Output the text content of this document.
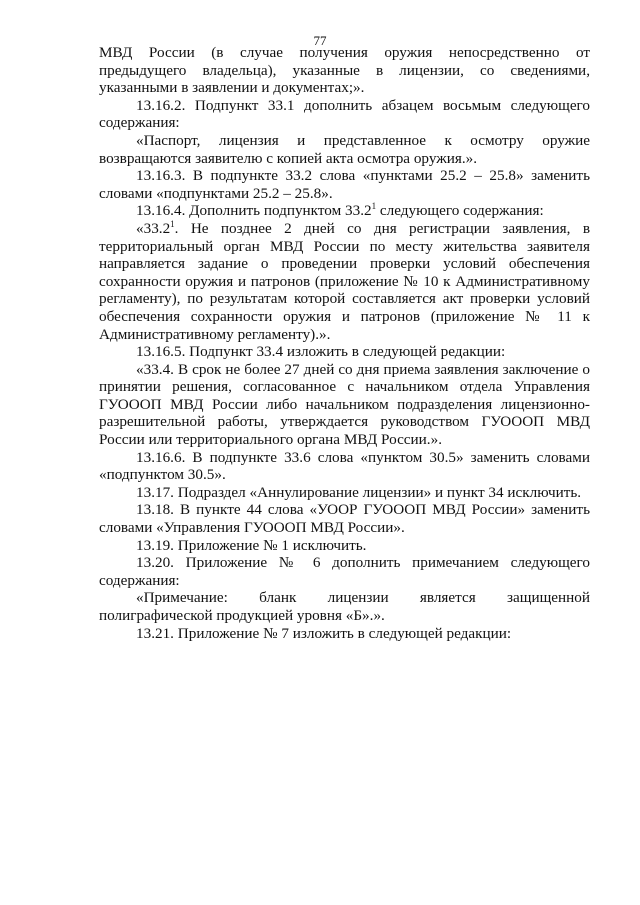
77

МВД России (в случае получения оружия непосредственно от предыдущего владельца), указанные в лицензии, со сведениями, указанными в заявлении и документах;».

13.16.2. Подпункт 33.1 дополнить абзацем восьмым следующего содержания:

«Паспорт, лицензия и представленное к осмотру оружие возвращаются заявителю с копией акта осмотра оружия.».

13.16.3. В подпункте 33.2 слова «пунктами 25.2 – 25.8» заменить словами «подпунктами 25.2 – 25.8».

13.16.4. Дополнить подпунктом 33.2$^1$ следующего содержания:

«33.2$^1$. Не позднее 2 дней со дня регистрации заявления, в территориальный орган МВД России по месту жительства заявителя направляется задание о проведении проверки условий обеспечения сохранности оружия и патронов (приложение № 10 к Административному регламенту), по результатам которой составляется акт проверки условий обеспечения сохранности оружия и патронов (приложение № 11 к Административному регламенту).».

13.16.5. Подпункт 33.4 изложить в следующей редакции:

«33.4. В срок не более 27 дней со дня приема заявления заключение о принятии решения, согласованное с начальником отдела Управления ГУОООП МВД России либо начальником подразделения лицензионно-разрешительной работы, утверждается руководством ГУОООП МВД России или территориального органа МВД России.».

13.16.6. В подпункте 33.6 слова «пунктом 30.5» заменить словами «подпунктом 30.5».

13.17. Подраздел «Аннулирование лицензии» и пункт 34 исключить.

13.18. В пункте 44 слова «УООР ГУОООП МВД России» заменить словами «Управления ГУОООП МВД России».

13.19. Приложение № 1 исключить.

13.20. Приложение № 6 дополнить примечанием следующего содержания:

«Примечание: бланк лицензии является защищенной полиграфической продукцией уровня «Б».».

13.21. Приложение № 7 изложить в следующей редакции:
